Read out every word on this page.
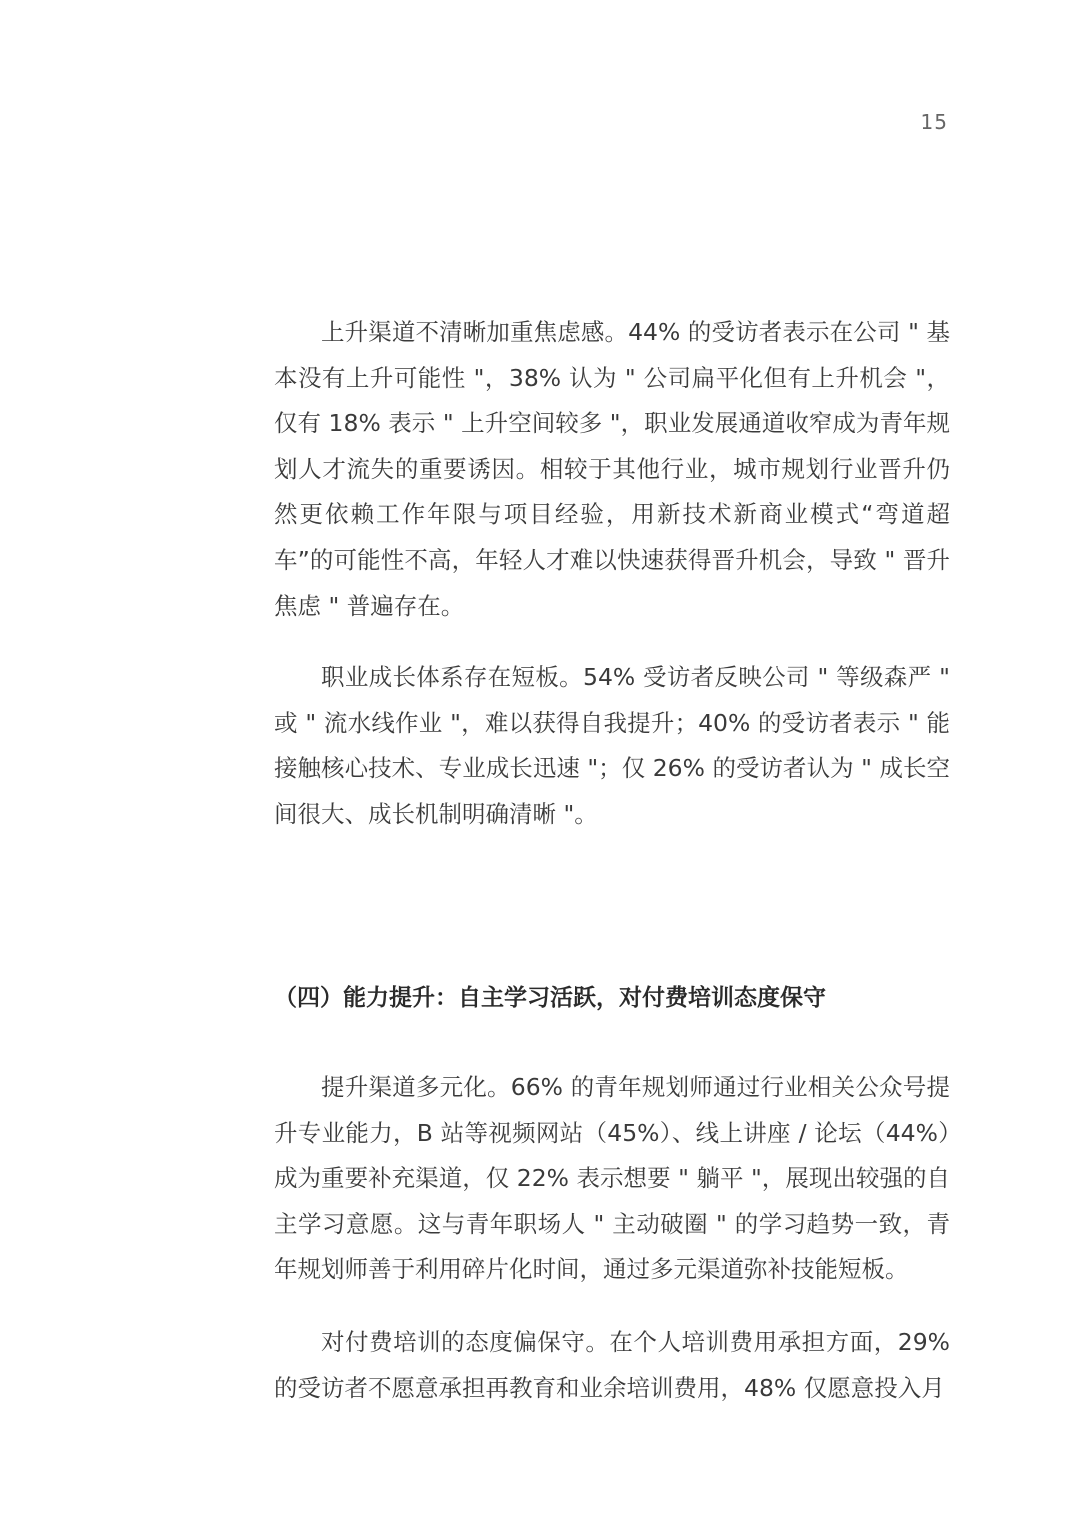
15

上升渠道不清晰加重焦虑感。44% 的受访者表示在公司 " 基本没有上升可能性 "，38% 认为 " 公司扁平化但有上升机会 "，仅有 18% 表示 " 上升空间较多 "，职业发展通道收窄成为青年规划人才流失的重要诱因。相较于其他行业，城市规划行业晋升仍然更依赖工作年限与项目经验，用新技术新商业模式“弯道超车”的可能性不高，年轻人才难以快速获得晋升机会，导致 " 晋升焦虑 " 普遍存在。

职业成长体系存在短板。54% 受访者反映公司 " 等级森严 " 或 " 流水线作业 "，难以获得自我提升；40% 的受访者表示 " 能接触核心技术、专业成长迅速 "；仅 26% 的受访者认为 " 成长空间很大、成长机制明确清晰 "。

（四）能力提升：自主学习活跃，对付费培训态度保守

提升渠道多元化。66% 的青年规划师通过行业相关公众号提升专业能力，B 站等视频网站（45%）、线上讲座 / 论坛（44%）成为重要补充渠道，仅 22% 表示想要 " 躺平 "，展现出较强的自主学习意愿。这与青年职场人 " 主动破圈 " 的学习趋势一致，青年规划师善于利用碎片化时间，通过多元渠道弥补技能短板。

对付费培训的态度偏保守。在个人培训费用承担方面，29% 的受访者不愿意承担再教育和业余培训费用，48% 仅愿意投入月
